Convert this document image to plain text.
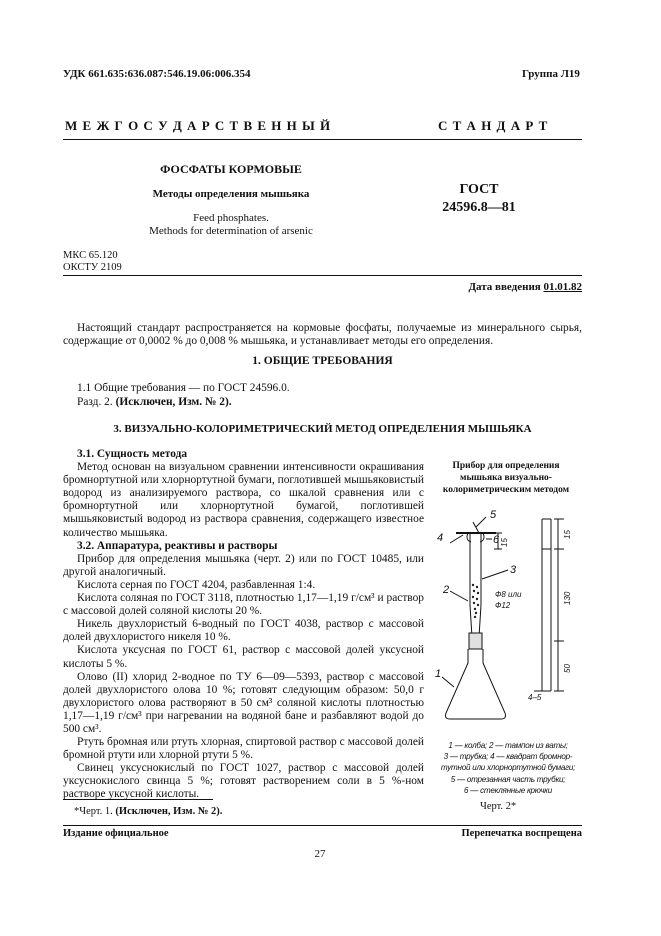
УДК 661.635:636.087:546.19.06:006.354	Группа Л19
М Е Ж Г О С У Д А Р С Т В Е Н Н Ы Й	С Т А Н Д А Р Т
ФОСФАТЫ КОРМОВЫЕ
Методы определения мышьяка
Feed phosphates.
Methods for determination of arsenic
ГОСТ
24596.8—81
МКС 65.120
ОКСТУ 2109
Дата введения 01.01.82

Настоящий стандарт распространяется на кормовые фосфаты, получаемые из минерального сырья, содержащие от 0,0002 % до 0,008 % мышьяка, и устанавливает методы его определения.

1. ОБЩИЕ ТРЕБОВАНИЯ
1.1 Общие требования — по ГОСТ 24596.0.
Разд. 2. (Исключен, Изм. № 2).
3. ВИЗУАЛЬНО-КОЛОРИМЕТРИЧЕСКИЙ МЕТОД ОПРЕДЕЛЕНИЯ МЫШЬЯКА

3.1. Сущность метода

Метод основан на визуальном сравнении интенсивности окрашивания бромнортутной или хлорнортутной бумаги, поглотившей мышьяковистый водород из анализируемого раствора, со шкалой сравнения или с бромнортутной или хлорнортутной бумагой, поглотившей мышьяковистый водород из раствора сравнения, содержащего известное количество мышьяка.

3.2. Аппаратура, реактивы и растворы

Прибор для определения мышьяка (черт. 2) или по ГОСТ 10485, или другой аналогичный.

Кислота серная по ГОСТ 4204, разбавленная 1:4.

Кислота соляная по ГОСТ 3118, плотностью 1,17—1,19 г/см³ и раствор с массовой долей соляной кислоты 20 %.

Никель двухлористый 6-водный по ГОСТ 4038, раствор с массовой долей двухлористого никеля 10 %.

Кислота уксусная по ГОСТ 61, раствор с массовой долей уксусной кислоты 5 %.

Олово (II) хлорид 2-водное по ТУ 6—09—5393, раствор с массовой долей двухлористого олова 10 %; готовят следующим образом: 50,0 г двухлористого олова растворяют в 50 см³ соляной кислоты плотностью 1,17—1,19 г/см³ при нагревании на водяной бане и разбавляют водой до 500 см³.

Ртуть бромная или ртуть хлорная, спиртовой раствор с массовой долей бромной ртути или хлорной ртути 5 %.

Свинец уксуснокислый по ГОСТ 1027, раствор с массовой долей уксуснокислого свинца 5 %; готовят растворением соли в 5 %-ном растворе уксусной кислоты.

Прибор для определения
мышьяка визуально-
колориметрическим методом
5
4	6
3
2
1
Ф8 или
Ф12
4–5
15
15
130
50
1 — колба; 2 — тампон из ваты;
3 — трубка; 4 — квадрат бромнор-
тутной или хлорнортутной бумаги;
5 — отрезанная часть трубки;
6 — стеклянные крючки
Черт. 2*
*Черт. 1. (Исключен, Изм. № 2).
Издание официальное	Перепечатка воспрещена
27
